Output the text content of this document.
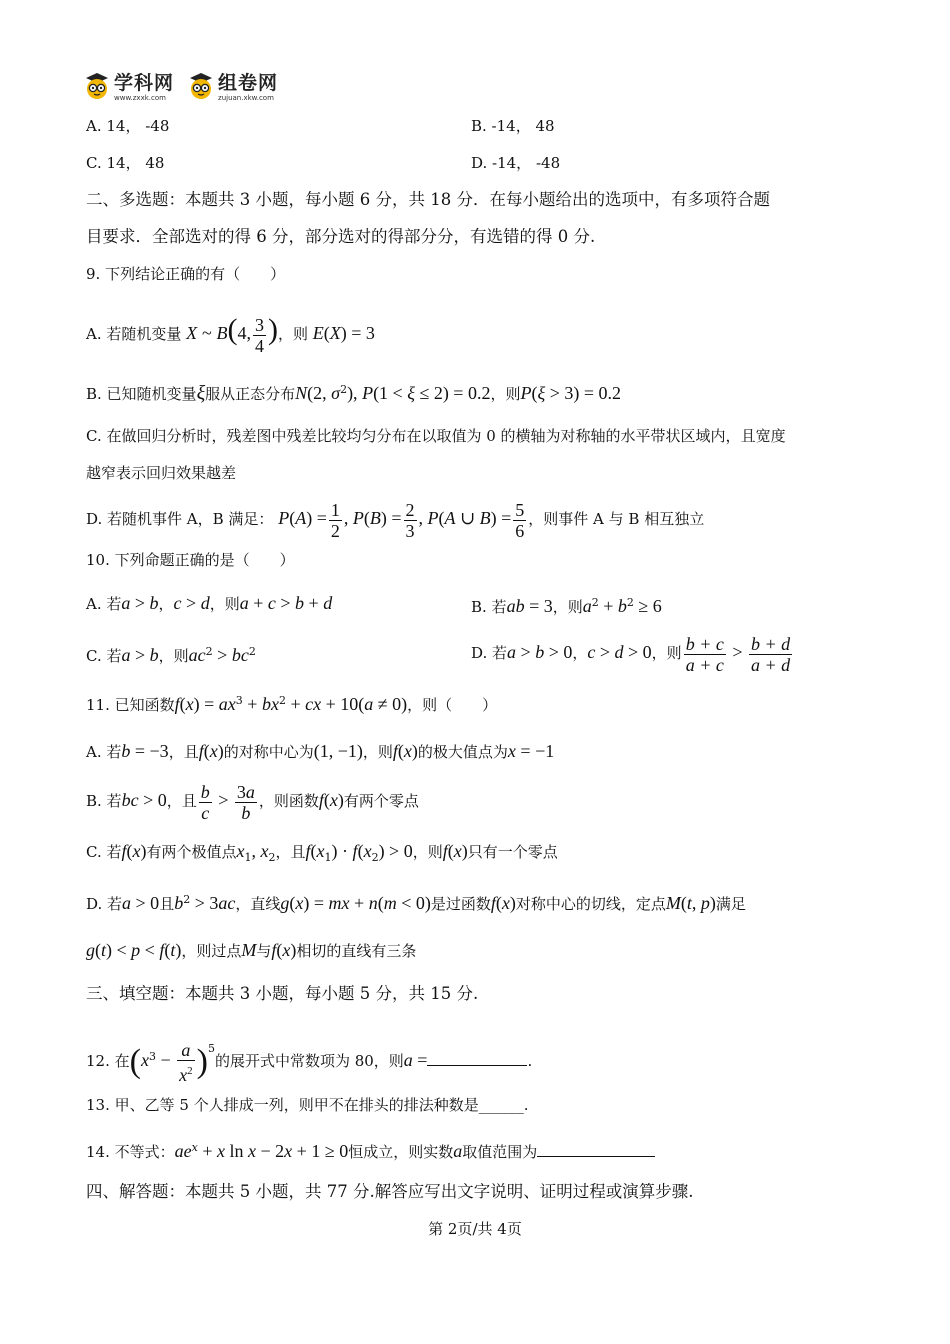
学科网
www.zxxk.com
组卷网
zujuan.xkw.com
A. 14， -48	B. -14， 48
C. 14， 48	D. -14， -48
二、多选题：本题共 3 小题，每小题 6 分，共 18 分．在每小题给出的选项中，有多项符合题
目要求．全部选对的得 6 分，部分选对的得部分分，有选错的得 0 分.
9. 下列结论正确的有（　　）
A. 若随机变量 X ~ B(4, $\frac{3}{4}$ )，则 E(X) = 3
B. 已知随机变量ξ服从正态分布N(2, $\sigma^2$), P(1 < ξ ≤ 2) = 0.2，则P(ξ > 3) = 0.2
C. 在做回归分析时，残差图中残差比较均匀分布在以取值为 0 的横轴为对称轴的水平带状区域内，且宽度
越窄表示回归效果越差
D. 若随机事件 A，B 满足： $P(A) = \frac{1}{2}$ , $P(B) = \frac{2}{3}$ , P(A ∪ $B) = \frac{5}{6}$ ，则事件 A 与 B 相互独立
10. 下列命题正确的是（　　）
A. 若a > b，c > d，则a + c > b + d	B. 若ab = 3，则$a^2 + b^2 \ge 6$
C. 若a > b，则$ac^2 > bc^2$	D. 若a > b > 0，c > d > 0，则 $\frac{b + c}{a + c} > \frac{b + d}{a + d}$
11. 已知函数$f(x) = ax^3 + bx^2$ + cx + 10(a ≠ 0)，则（　　）
A. 若b = −3，且f(x)的对称中心为(1, −1)，则f(x)的极大值点为x = −1
B. 若bc > 0，且 $\frac{b}{c} > \frac{3a}{b}$ ，则函数f(x)有两个零点
C. 若f(x)有两个极值点$x_1$, $x_2$，且$f(x_1) \cdot f(x_2) > 0$，则f(x)只有一个零点
D. 若a > 0且$b^2 > 3ac$，直线g(x) = mx + n(m < 0)是过函数f(x)对称中心的切线，定点M(t, p)满足
g(t) < p < f(t)，则过点M与f(x)相切的直线有三条
三、填空题：本题共 3 小题，每小题 5 分，共 15 分.
12. 在$(x^3 - \frac{a}{x^2} )^5$的展开式中常数项为 80，则a =	.
13. 甲、乙等 5 个人排成一列，则甲不在排头的排法种数是______.
14. 不等式：$ae^x + x$ ln x − 2x + 1 ≥ 0恒成立，则实数a取值范围为
四、解答题：本题共 5 小题，共 77 分.解答应写出文字说明、证明过程或演算步骤.
第 2页/共 4页
